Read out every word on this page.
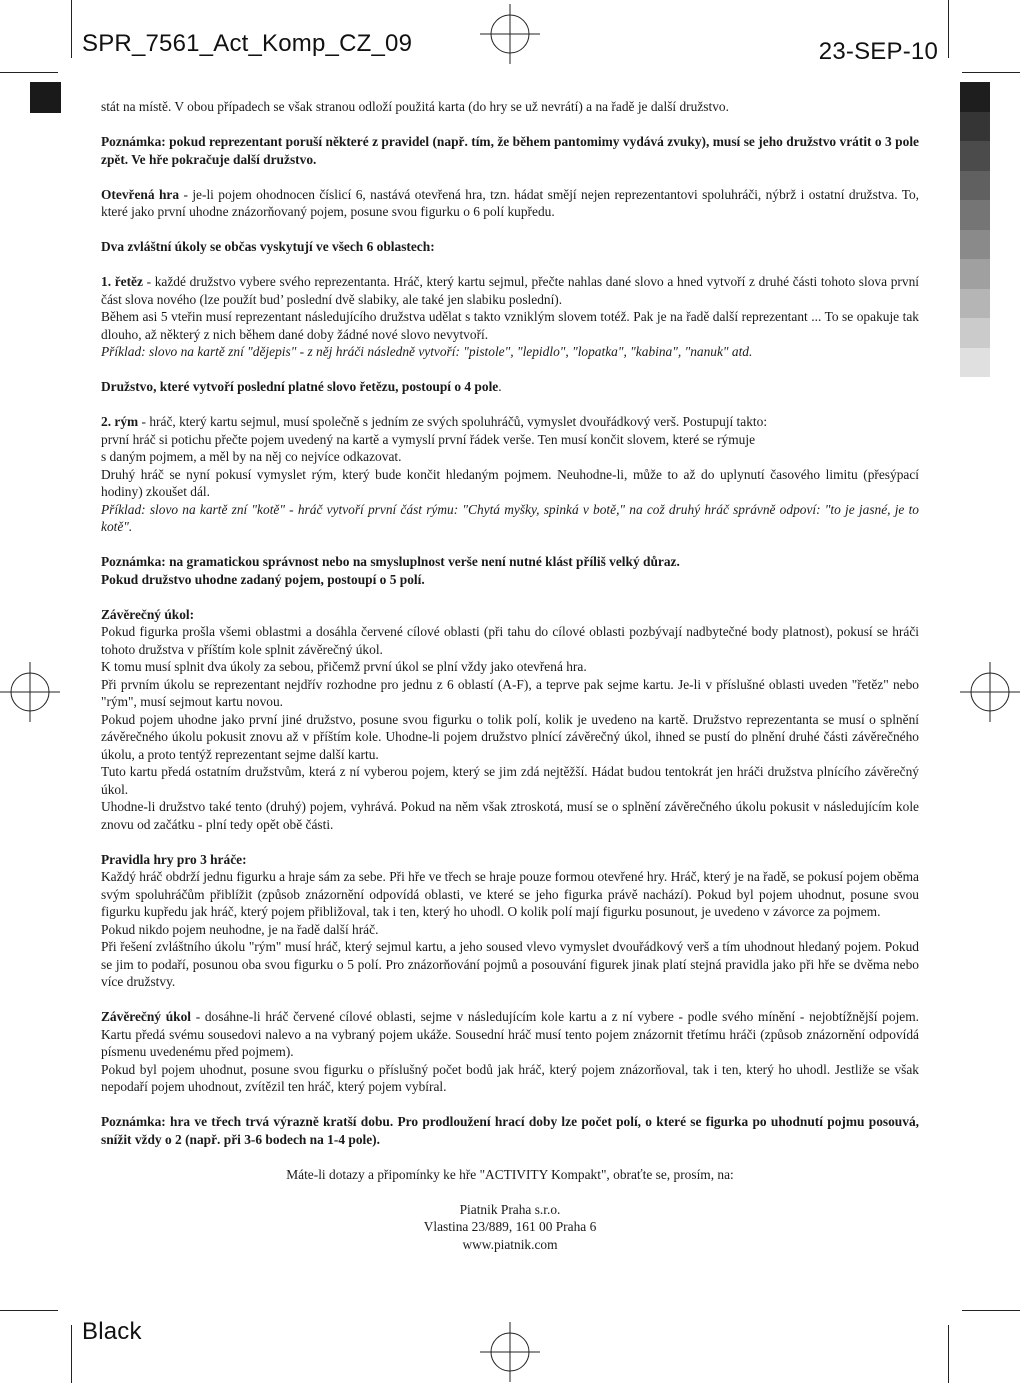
SPR_7561_Act_Komp_CZ_09	23-SEP-10
Black

stát na místě. V obou případech se však stranou odloží použitá karta (do hry se už nevrátí) a na řadě je další družstvo.

Poznámka: pokud reprezentant poruší některé z pravidel (např. tím, že během pantomimy vydává zvuky), musí se jeho družstvo vrátit o 3 pole zpět. Ve hře pokračuje další družstvo.

Otevřená hra - je-li pojem ohodnocen číslicí 6, nastává otevřená hra, tzn. hádat smějí nejen reprezentantovi spoluhráči, nýbrž i ostatní družstva. To, které jako první uhodne znázorňovaný pojem, posune svou figurku o 6 polí kupředu.

Dva zvláštní úkoly se občas vyskytují ve všech 6 oblastech:

1. řetěz - každé družstvo vybere svého reprezentanta. Hráč, který kartu sejmul, přečte nahlas dané slovo a hned vytvoří z druhé části tohoto slova první část slova nového (lze použít bud’ poslední dvě slabiky, ale také jen slabiku poslední).

Během asi 5 vteřin musí reprezentant následujícího družstva udělat s takto vzniklým slovem totéž. Pak je na řadě další reprezentant ... To se opakuje tak dlouho, až některý z nich během dané doby žádné nové slovo nevytvoří.

Příklad: slovo na kartě zní "dějepis" - z něj hráči následně vytvoří: "pistole", "lepidlo", "lopatka", "kabina", "nanuk" atd.

Družstvo, které vytvoří poslední platné slovo řetězu, postoupí o 4 pole.

2. rým - hráč, který kartu sejmul, musí společně s jedním ze svých spoluhráčů, vymyslet dvouřádkový verš. Postupují takto:

první hráč si potichu přečte pojem uvedený na kartě a vymyslí první řádek verše. Ten musí končit slovem, které se rýmuje

s daným pojmem, a měl by na něj co nejvíce odkazovat.

Druhý hráč se nyní pokusí vymyslet rým, který bude končit hledaným pojmem. Neuhodne-li, může to až do uplynutí časového limitu (přesýpací hodiny) zkoušet dál.

Příklad: slovo na kartě zní "kotě" - hráč vytvoří první část rýmu: "Chytá myšky, spinká v botě," na což druhý hráč správně odpoví: "to je jasné, je to kotě".

Poznámka: na gramatickou správnost nebo na smysluplnost verše není nutné klást příliš velký důraz.

Pokud družstvo uhodne zadaný pojem, postoupí o 5 polí.

Závěrečný úkol:

Pokud figurka prošla všemi oblastmi a dosáhla červené cílové oblasti (při tahu do cílové oblasti pozbývají nadbytečné body platnost), pokusí se hráči tohoto družstva v příštím kole splnit závěrečný úkol.

K tomu musí splnit dva úkoly za sebou, přičemž první úkol se plní vždy jako otevřená hra.

Při prvním úkolu se reprezentant nejdřív rozhodne pro jednu z 6 oblastí (A-F), a teprve pak sejme kartu. Je-li v příslušné oblasti uveden "řetěz" nebo "rým", musí sejmout kartu novou.

Pokud pojem uhodne jako první jiné družstvo, posune svou figurku o tolik polí, kolik je uvedeno na kartě. Družstvo reprezentanta se musí o splnění závěrečného úkolu pokusit znovu až v příštím kole. Uhodne-li pojem družstvo plnící závěrečný úkol, ihned se pustí do plnění druhé části závěrečného úkolu, a proto tentýž reprezentant sejme další kartu.

Tuto kartu předá ostatním družstvům, která z ní vyberou pojem, který se jim zdá nejtěžší. Hádat budou tentokrát jen hráči družstva plnícího závěrečný úkol.

Uhodne-li družstvo také tento (druhý) pojem, vyhrává. Pokud na něm však ztroskotá, musí se o splnění závěrečného úkolu pokusit v následujícím kole znovu od začátku - plní tedy opět obě části.

Pravidla hry pro 3 hráče:

Každý hráč obdrží jednu figurku a hraje sám za sebe. Při hře ve třech se hraje pouze formou otevřené hry. Hráč, který je na řadě, se pokusí pojem oběma svým spoluhráčům přiblížit (způsob znázornění odpovídá oblasti, ve které se jeho figurka právě nachází). Pokud byl pojem uhodnut, posune svou figurku kupředu jak hráč, který pojem přibližoval, tak i ten, který ho uhodl. O kolik polí mají figurku posunout, je uvedeno v závorce za pojmem.

Pokud nikdo pojem neuhodne, je na řadě další hráč.

Při řešení zvláštního úkolu "rým" musí hráč, který sejmul kartu, a jeho soused vlevo vymyslet dvouřádkový verš a tím uhodnout hledaný pojem. Pokud se jim to podaří, posunou oba svou figurku o 5 polí. Pro znázorňování pojmů a posouvání figurek jinak platí stejná pravidla jako při hře se dvěma nebo více družstvy.

Závěrečný úkol - dosáhne-li hráč červené cílové oblasti, sejme v následujícím kole kartu a z ní vybere - podle svého mínění - nejobtížnější pojem. Kartu předá svému sousedovi nalevo a na vybraný pojem ukáže. Sousední hráč musí tento pojem znázornit třetímu hráči (způsob znázornění odpovídá písmenu uvedenému před pojmem).

Pokud byl pojem uhodnut, posune svou figurku o příslušný počet bodů jak hráč, který pojem znázorňoval, tak i ten, který ho uhodl. Jestliže se však nepodaří pojem uhodnout, zvítězil ten hráč, který pojem vybíral.

Poznámka: hra ve třech trvá výrazně kratší dobu. Pro prodloužení hrací doby lze počet polí, o které se figurka po uhodnutí pojmu posouvá, snížit vždy o 2 (např. při 3-6 bodech na 1-4 pole).

Máte-li dotazy a připomínky ke hře "ACTIVITY Kompakt", obraťte se, prosím, na:

Piatnik Praha s.r.o.

Vlastina 23/889, 161 00 Praha 6

www.piatnik.com
